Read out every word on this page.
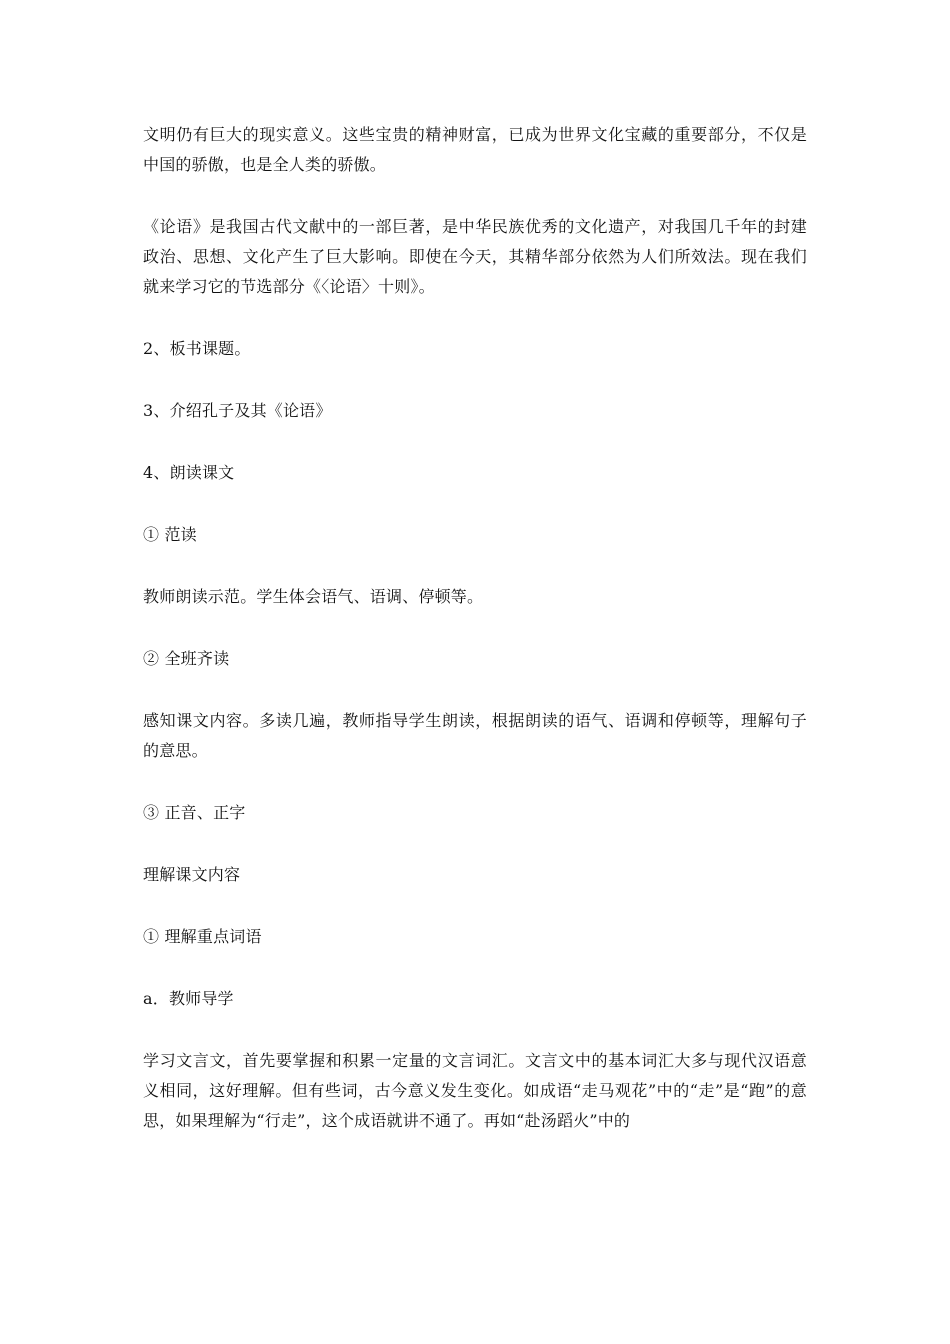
文明仍有巨大的现实意义。这些宝贵的精神财富，已成为世界文化宝藏的重要部分，不仅是中国的骄傲，也是全人类的骄傲。

《论语》是我国古代文献中的一部巨著，是中华民族优秀的文化遗产，对我国几千年的封建政治、思想、文化产生了巨大影响。即使在今天，其精华部分依然为人们所效法。现在我们就来学习它的节选部分《〈论语〉十则》。

2、板书课题。

3、介绍孔子及其《论语》

4、朗读课文

① 范读

教师朗读示范。学生体会语气、语调、停顿等。

② 全班齐读

感知课文内容。多读几遍，教师指导学生朗读，根据朗读的语气、语调和停顿等，理解句子的意思。

③ 正音、正字

理解课文内容

① 理解重点词语

a．教师导学

学习文言文，首先要掌握和积累一定量的文言词汇。文言文中的基本词汇大多与现代汉语意义相同，这好理解。但有些词，古今意义发生变化。如成语“走马观花”中的“走”是“跑”的意思，如果理解为“行走”，这个成语就讲不通了。再如“赴汤蹈火”中的
